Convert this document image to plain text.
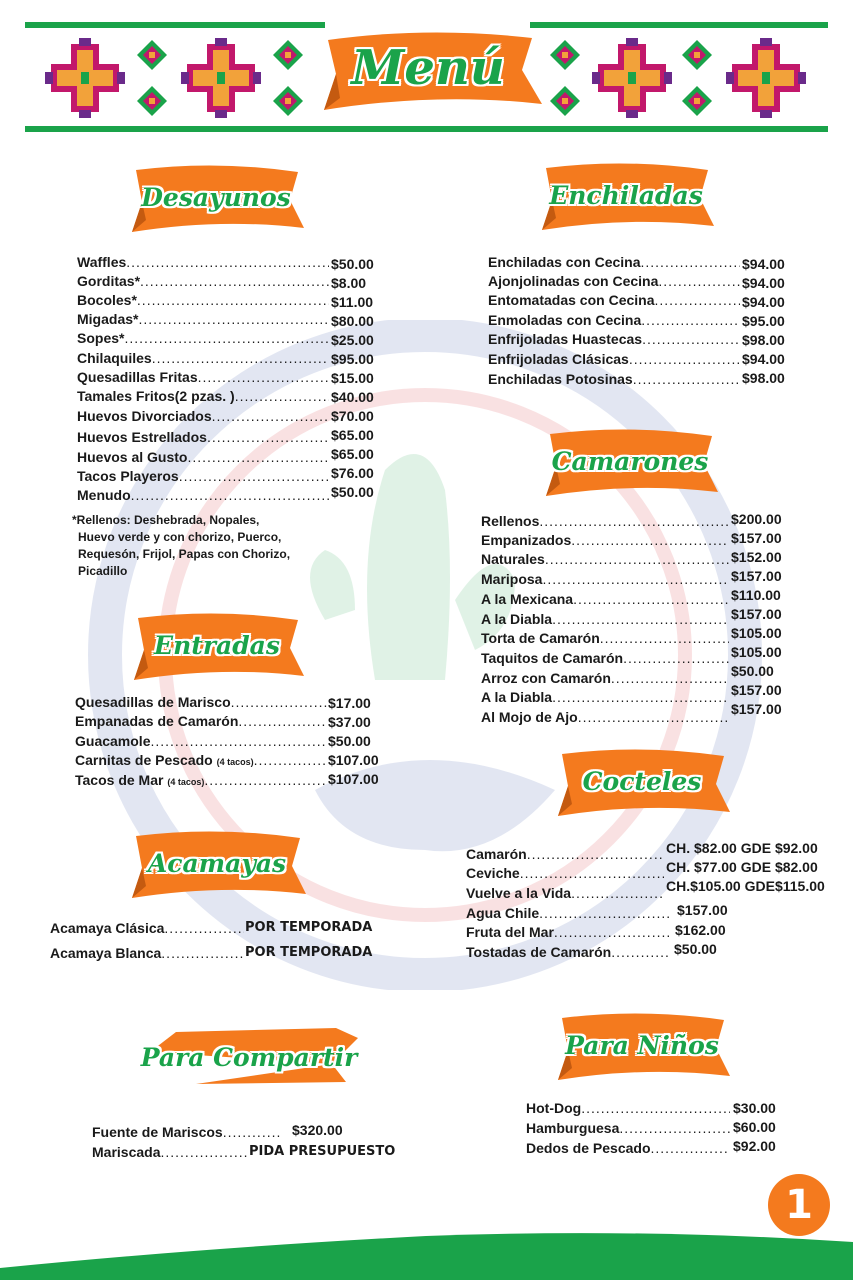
Menú
Desayunos
Waffles .....	$50.00
Gorditas* .....	$8.00
Bocoles* .....	$11.00
Migadas* .....	$80.00
Sopes* .....	$25.00
Chilaquiles .....	$95.00
Quesadillas Fritas .....	$15.00
Tamales Fritos(2 pzas. ) .....	$40.00
Huevos Divorciados .....	$70.00
Huevos Estrellados .....	$65.00
Huevos al Gusto .....	$65.00
Tacos Playeros .....	$76.00
Menudo .....	$50.00
*Rellenos: Deshebrada, Nopales,
Huevo verde y con chorizo, Puerco,
Requesón, Frijol, Papas con Chorizo,
Picadillo
Entradas
Quesadillas de Marisco .....	$17.00
Empanadas de Camarón .....	$37.00
Guacamole .....	$50.00
Carnitas de Pescado (4 tacos) .....	$107.00
Tacos de Mar (4 tacos) .....	$107.00
Acamayas
Acamaya Clásica .....	POR TEMPORADA
Acamaya Blanca .....	POR TEMPORADA
Para Compartir
Fuente de Mariscos .....	$320.00
Mariscada .....	PIDA PRESUPUESTO
Enchiladas
Enchiladas con Cecina .....	$94.00
Ajonjolinadas con Cecina .....	$94.00
Entomatadas con Cecina .....	$94.00
Enmoladas con Cecina .....	$95.00
Enfrijoladas Huastecas .....	$98.00
Enfrijoladas Clásicas .....	$94.00
Enchiladas Potosinas .....	$98.00
Camarones
Rellenos .....	$200.00
Empanizados .....	$157.00
Naturales .....	$152.00
Mariposa .....	$157.00
A la Mexicana .....	$110.00
A la Diabla .....	$157.00
Torta de Camarón .....	$105.00
Taquitos de Camarón .....	$105.00
Arroz con Camarón .....	$50.00
A la Diabla .....	$157.00
Al Mojo de Ajo .....	$157.00
Cocteles
Camarón .....	CH. $82.00 GDE $92.00
Ceviche .....	CH. $77.00 GDE $82.00
Vuelve a la Vida .....	CH.$105.00 GDE$115.00
Agua Chile .....	$157.00
Fruta del Mar .....	$162.00
Tostadas de Camarón .....	$50.00
Para Niños
Hot-Dog .....	$30.00
Hamburguesa .....	$60.00
Dedos de Pescado .....	$92.00
1
